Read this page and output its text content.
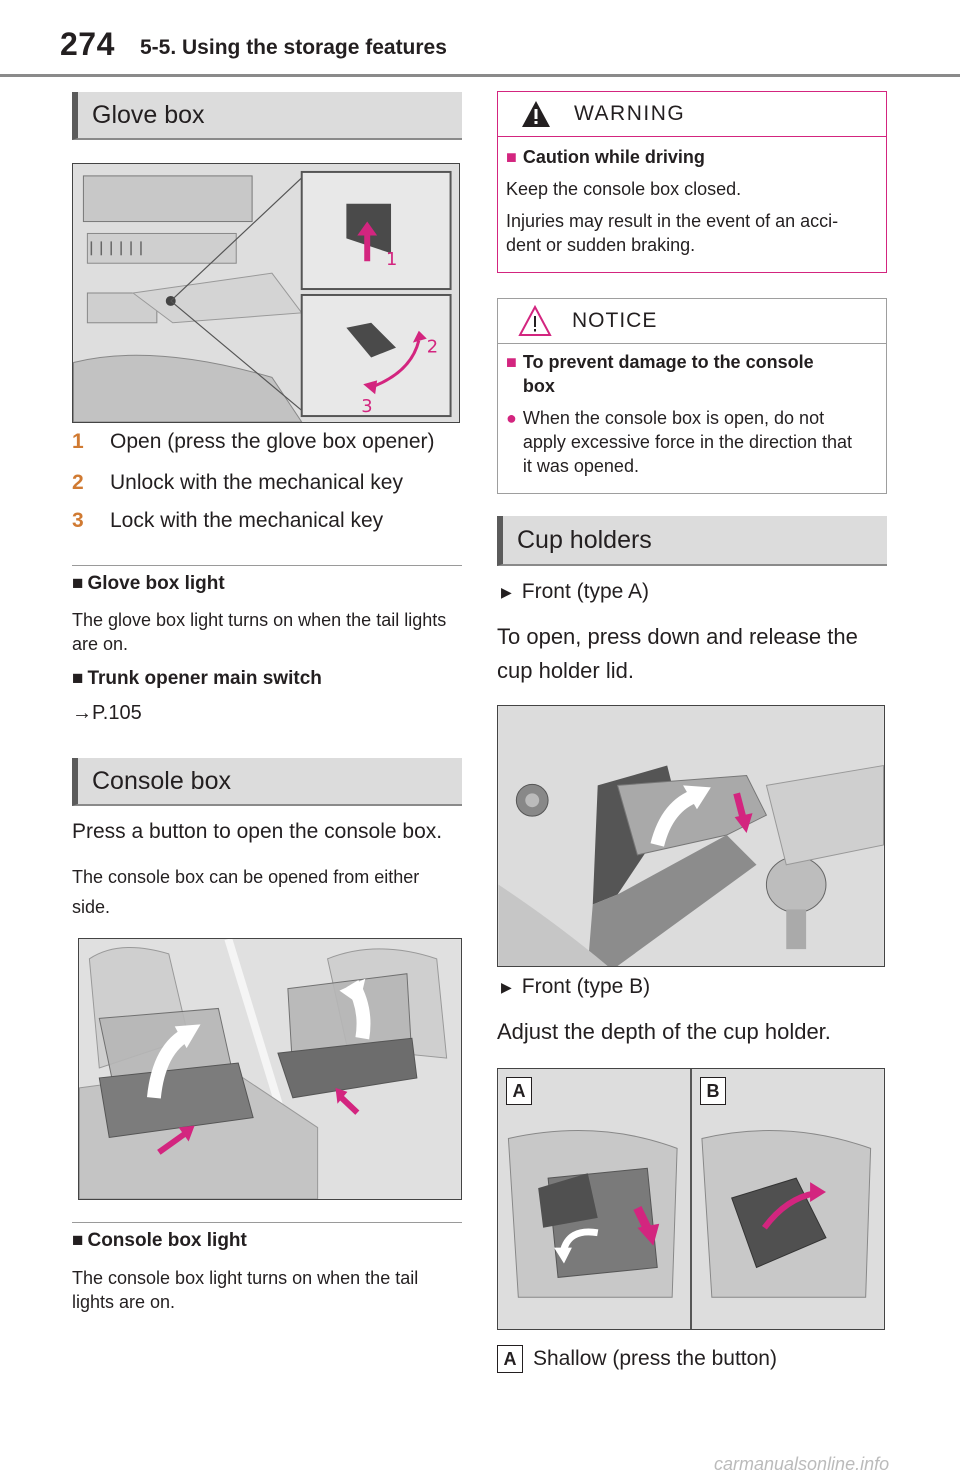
274 5-5. Using the storage features
Glove box
1
2
3
1	Open (press the glove box opener)
2	Unlock with the mechanical key
3	Lock with the mechanical key
■ Glove box light
The glove box light turns on when the tail lights are on.
■ Trunk opener main switch
→P.105
Console box
Press a button to open the console box.
The console box can be opened from either side.
■ Console box light
The console box light turns on when the tail lights are on.
WARNING
■ Caution while driving
Keep the console box closed.
Injuries may result in the event of an acci- dent or sudden braking.
NOTICE
■ To prevent damage to the console box
● When the console box is open, do not apply excessive force in the direction that it was opened.
Cup holders
▶ Front (type A)
To open, press down and release the cup holder lid.
▶ Front (type B)
Adjust the depth of the cup holder.
A	B
A Shallow (press the button)
carmanualsonline.info
